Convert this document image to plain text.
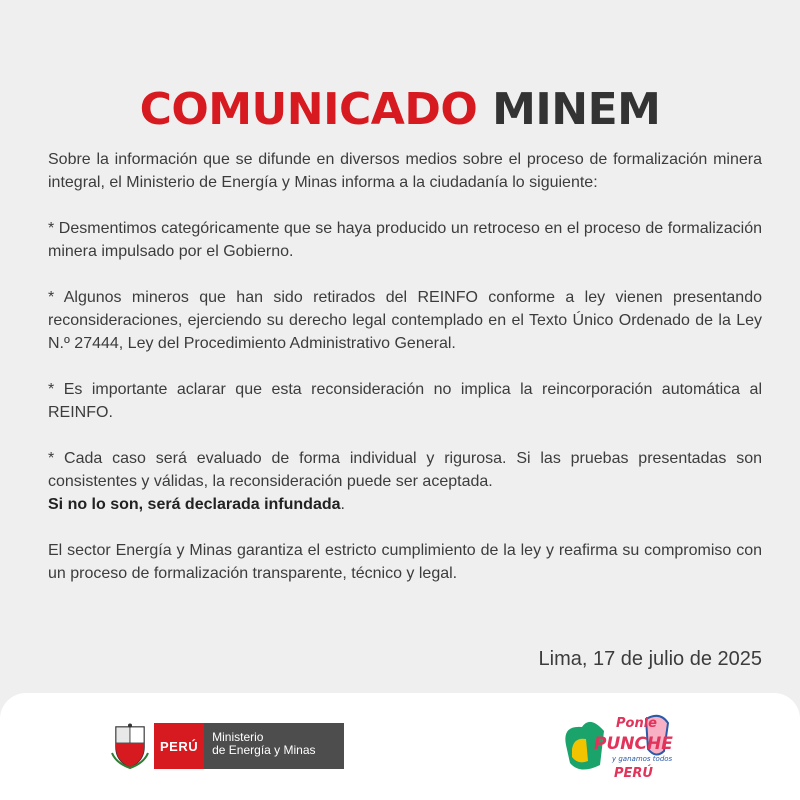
COMUNICADO MINEM

Sobre la información que se difunde en diversos medios sobre el proceso de formalización minera integral, el Ministerio de Energía y Minas informa a la ciudadanía lo siguiente:

* Desmentimos categóricamente que se haya producido un retroceso en el proceso de formalización minera impulsado por el Gobierno.

* Algunos mineros que han sido retirados del REINFO conforme a ley vienen presentando reconsideraciones, ejerciendo su derecho legal contemplado en el Texto Único Ordenado de la Ley N.º 27444, Ley del Procedimiento Administrativo General.

* Es importante aclarar que esta reconsideración no implica la reincorporación automática al REINFO.

* Cada caso será evaluado de forma individual y rigurosa. Si las pruebas presentadas son consistentes y válidas, la reconsideración puede ser aceptada.
Si no lo son, será declarada infundada.

El sector Energía y Minas garantiza el estricto cumplimiento de la ley y reafirma su compromiso con un proceso de formalización transparente, técnico y legal.

Lima, 17 de julio de 2025
PERÚ
Ministerio
de Energía y Minas
Ponle
PUNCHE
y ganamos todos
PERÚ
